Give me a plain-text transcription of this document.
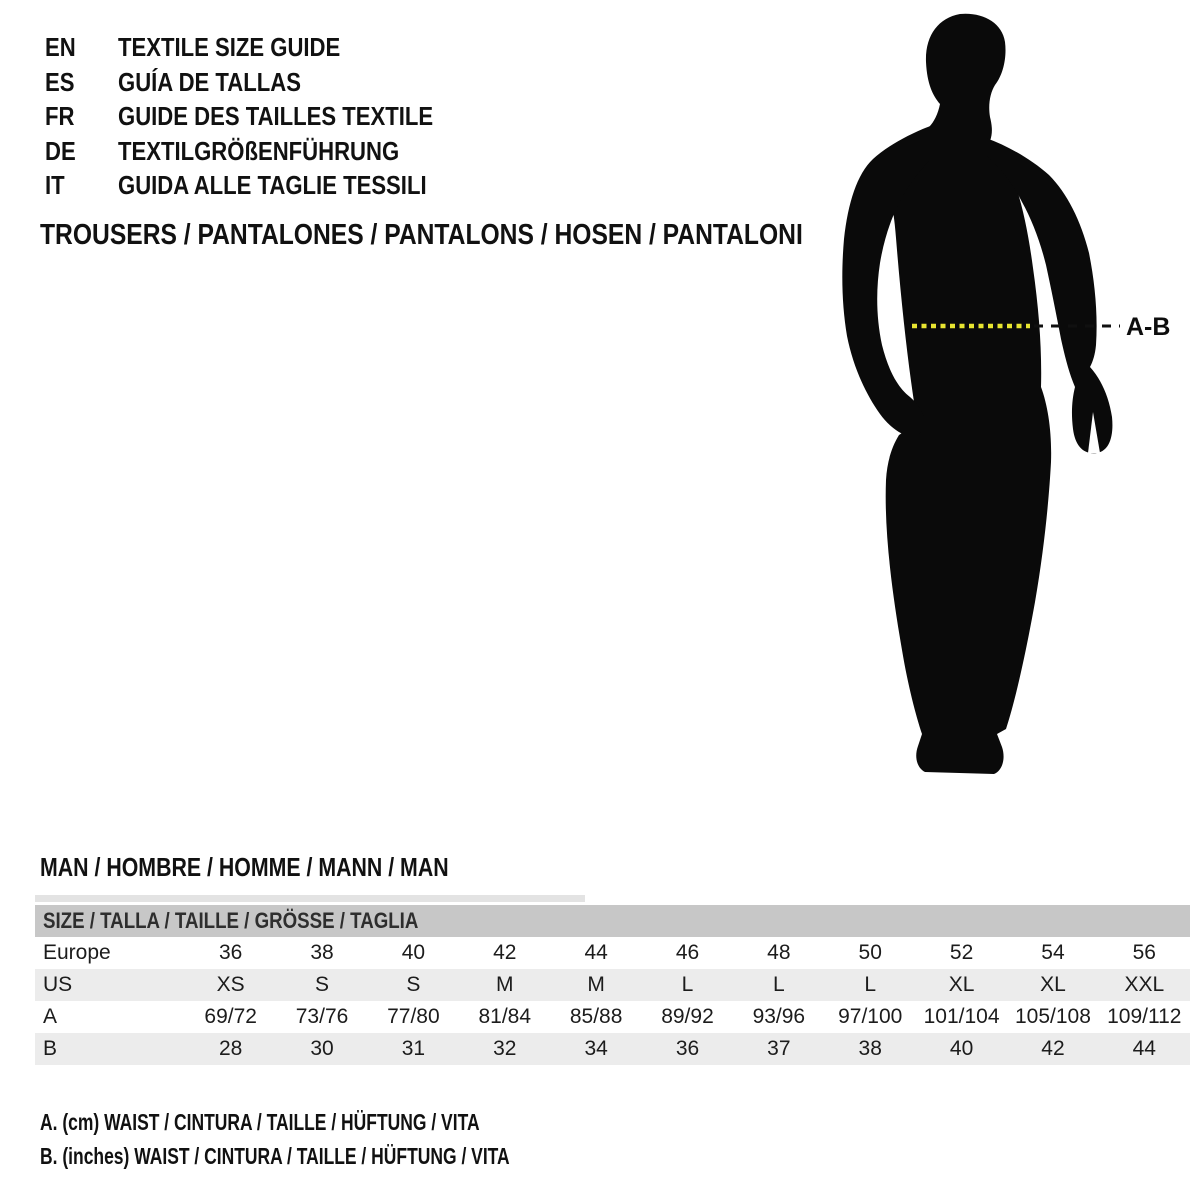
EN TEXTILE SIZE GUIDE
ES GUÍA DE TALLAS
FR GUIDE DES TAILLES TEXTILE
DE TEXTILGRÖßENFÜHRUNG
IT GUIDA ALLE TAGLIE TESSILI
TROUSERS / PANTALONES / PANTALONS / HOSEN / PANTALONI
A-B
MAN / HOMBRE / HOMME / MANN / MAN
SIZE / TALLA / TAILLE / GRÖSSE / TAGLIA
Europe	36	38	40	42	44	46	48	50	52	54	56
US	XS	S	S	M	M	L	L	L	XL	XL	XXL
A	69/72	73/76	77/80	81/84	85/88	89/92	93/96	97/100	101/104 105/108 109/112
B	28	30	31	32	34	36	37	38	40	42	44
A. (cm) WAIST / CINTURA / TAILLE / HÜFTUNG / VITA
B. (inches) WAIST / CINTURA / TAILLE / HÜFTUNG / VITA
